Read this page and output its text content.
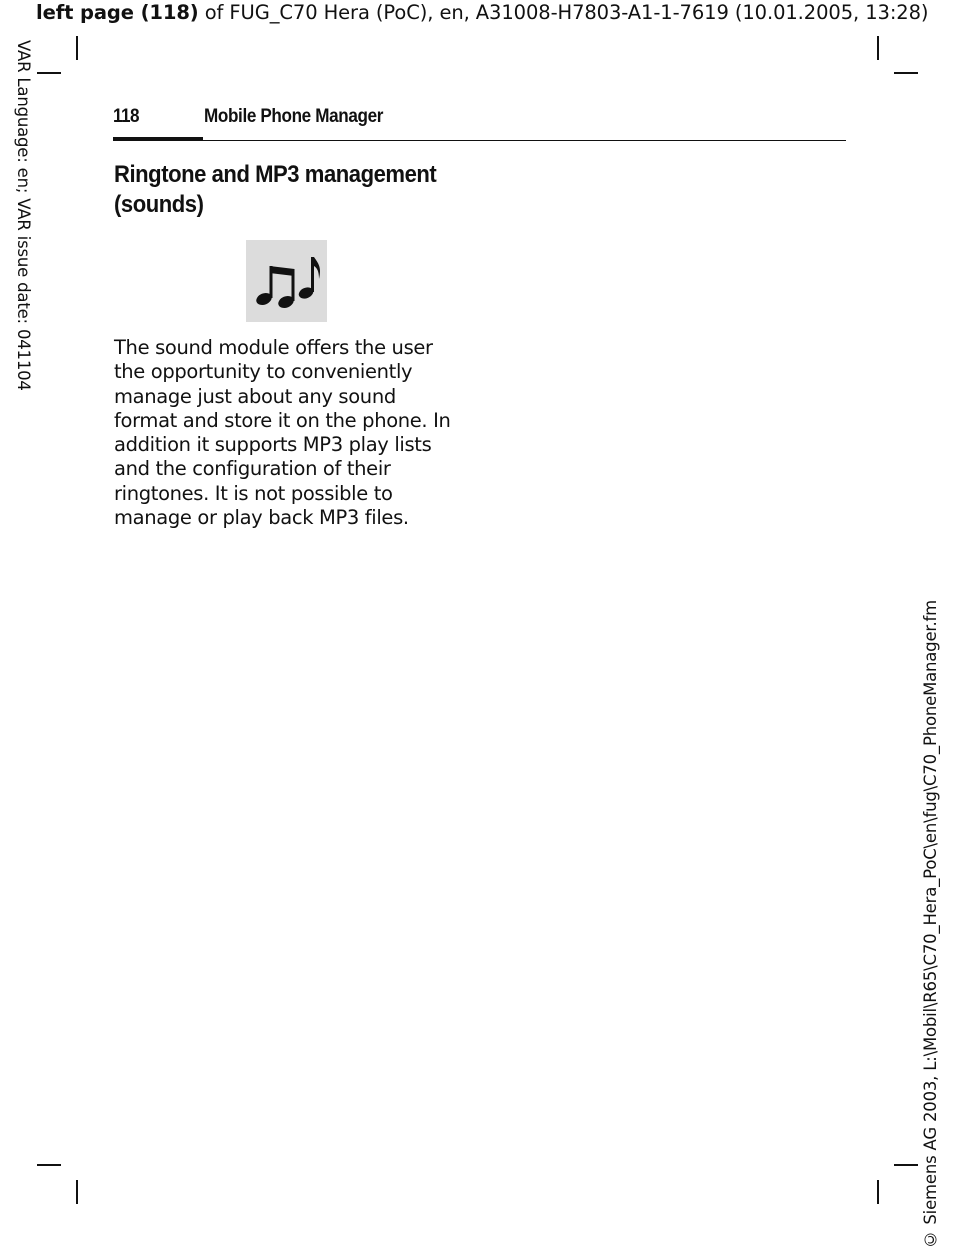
left page (118) of FUG_C70 Hera (PoC), en, A31008-H7803-A1-1-7619 (10.01.2005, 13:28)
VAR Language: en; VAR issue date: 041104
© Siemens AG 2003, L:\Mobil\R65\C70_Hera_PoC\en\fug\C70_PhoneManager.fm
118	Mobile Phone Manager
Ringtone and MP3 management
(sounds)

The sound module offers the user the opportunity to conveniently manage just about any sound format and store it on the phone. In addition it supports MP3 play lists and the configuration of their ringtones. It is not possible to manage or play back MP3 files.
